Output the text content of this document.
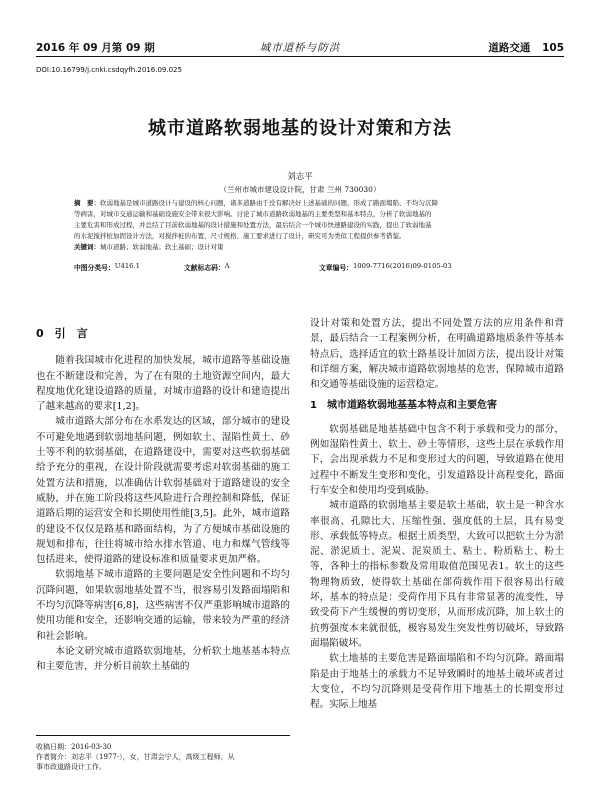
2016 年 09 月第 09 期	城市道桥与防洪	道路交通 105
DOI:10.16799/j.cnki.csdqyfh.2016.09.025
城市道路软弱地基的设计对策和方法
刘志平
（兰州市城市建设设计院，甘肃 兰州 730030）
摘　要：软弱地基是城市道路设计与建设的核心问题，诸多道路由于没有解决好上述基础的问题，形成了路面塌陷、不均匀沉降
等病害，对城市交通运输和基础设施安全带来很大影响。讨论了城市道路软弱地基的主要类型和基本特点，分析了软弱地基的
主要危害和形成过程，并总结了目前软弱地基的设计措施和处置方法，最后结合一个城市快速路建设的实践，提出了软弱地基
的水泥搅拌桩加固设计方法，对搅拌桩的布置、尺寸规格、施工要求进行了设计，研究可为类似工程提供参考借鉴。
关键词：城市道路；软弱地基；软土基础；设计对策
中图分类号： U416.1	文献标志码： A	文章编号： 1009-7716(2016)09-0105-03
0　引　言

随着我国城市化进程的加快发展，城市道路等基础设施也在不断建设和完善，为了在有限的土地资源空间内，最大程度地优化建设道路的质量，对城市道路的设计和建造提出了越来越高的要求[1,2]。

城市道路大部分布在水系发达的区域，部分城市的建设不可避免地遇到软弱地基问题，例如软土、湿陷性黄土、砂土等不利的软弱基础，在道路建设中，需要对这些软弱基础给予充分的重视，在设计阶段就需要考虑对软弱基础的施工处置方法和措施，以准确估计软弱基础对于道路建设的安全威胁，并在施工阶段将这些风险进行合理控制和降低，保证道路后期的运营安全和长期使用性能[3,5]。此外，城市道路的建设不仅仅是路基和路面结构，为了方便城市基础设施的规划和排布，往往将城市给水排水管道、电力和煤气管线等包括进来，使得道路的建设标准和质量要求更加严格。

软弱地基下城市道路的主要问题是安全性问题和不均匀沉降问题，如果软弱地基处置不当，很容易引发路面塌陷和不均匀沉降等病害[6,8]，这些病害不仅严重影响城市道路的使用功能和安全，还影响交通的运输，带来较为严重的经济和社会影响。

本论文研究城市道路软弱地基，分析软土地基基本特点和主要危害，并分析目前软土基础的

设计对策和处置方法，提出不同处置方法的应用条件和背景，最后结合一工程案例分析，在明确道路地质条件等基本特点后，选择适宜的软土路基设计加固方法，提出设计对策和详细方案，解决城市道路软弱地基的危害，保障城市道路和交通等基础设施的运营稳定。

1　城市道路软弱地基基本特点和主要危害

软弱基础是地基基础中包含不利于承载和受力的部分，例如湿陷性黄土、软土、砂土等情形，这些土层在承载作用下，会出现承载力不足和变形过大的问题，导致道路在使用过程中不断发生变形和变化，引发道路设计高程变化，路面行车安全和使用均受到威胁。

城市道路的软弱地基主要是软土基础，软土是一种含水率很高、孔隙比大、压缩性强、强度低的土层，具有易变形、承载低等特点。根据土质类型，大致可以把软土分为淤泥、淤泥质土、泥炭、泥炭质土、粘土、粉质粘土、粉土等，各种土的指标参数及常用取值范围见表1。软土的这些物理物质致，使得软土基础在部荷载作用下很容易出行破坏，基本的特点是：受荷作用下具有非常显著的流变性，导致受荷下产生缓慢的剪切变形，从而形成沉降，加上软土的抗剪强度本来就很低，极容易发生突发性剪切破坏，导致路面塌陷破坏。

软土地基的主要危害是路面塌陷和不均匀沉降。路面塌陷是由于地基土的承载力不足导致瞬时的地基土破坏或者过大变位，不均匀沉降则是受荷作用下地基土的长期变形过程。实际上地基

收稿日期：2016-03-30
作者简介：刘志平（1977-），女，甘肃会宁人，高级工程师，从
事市政道路设计工作。
